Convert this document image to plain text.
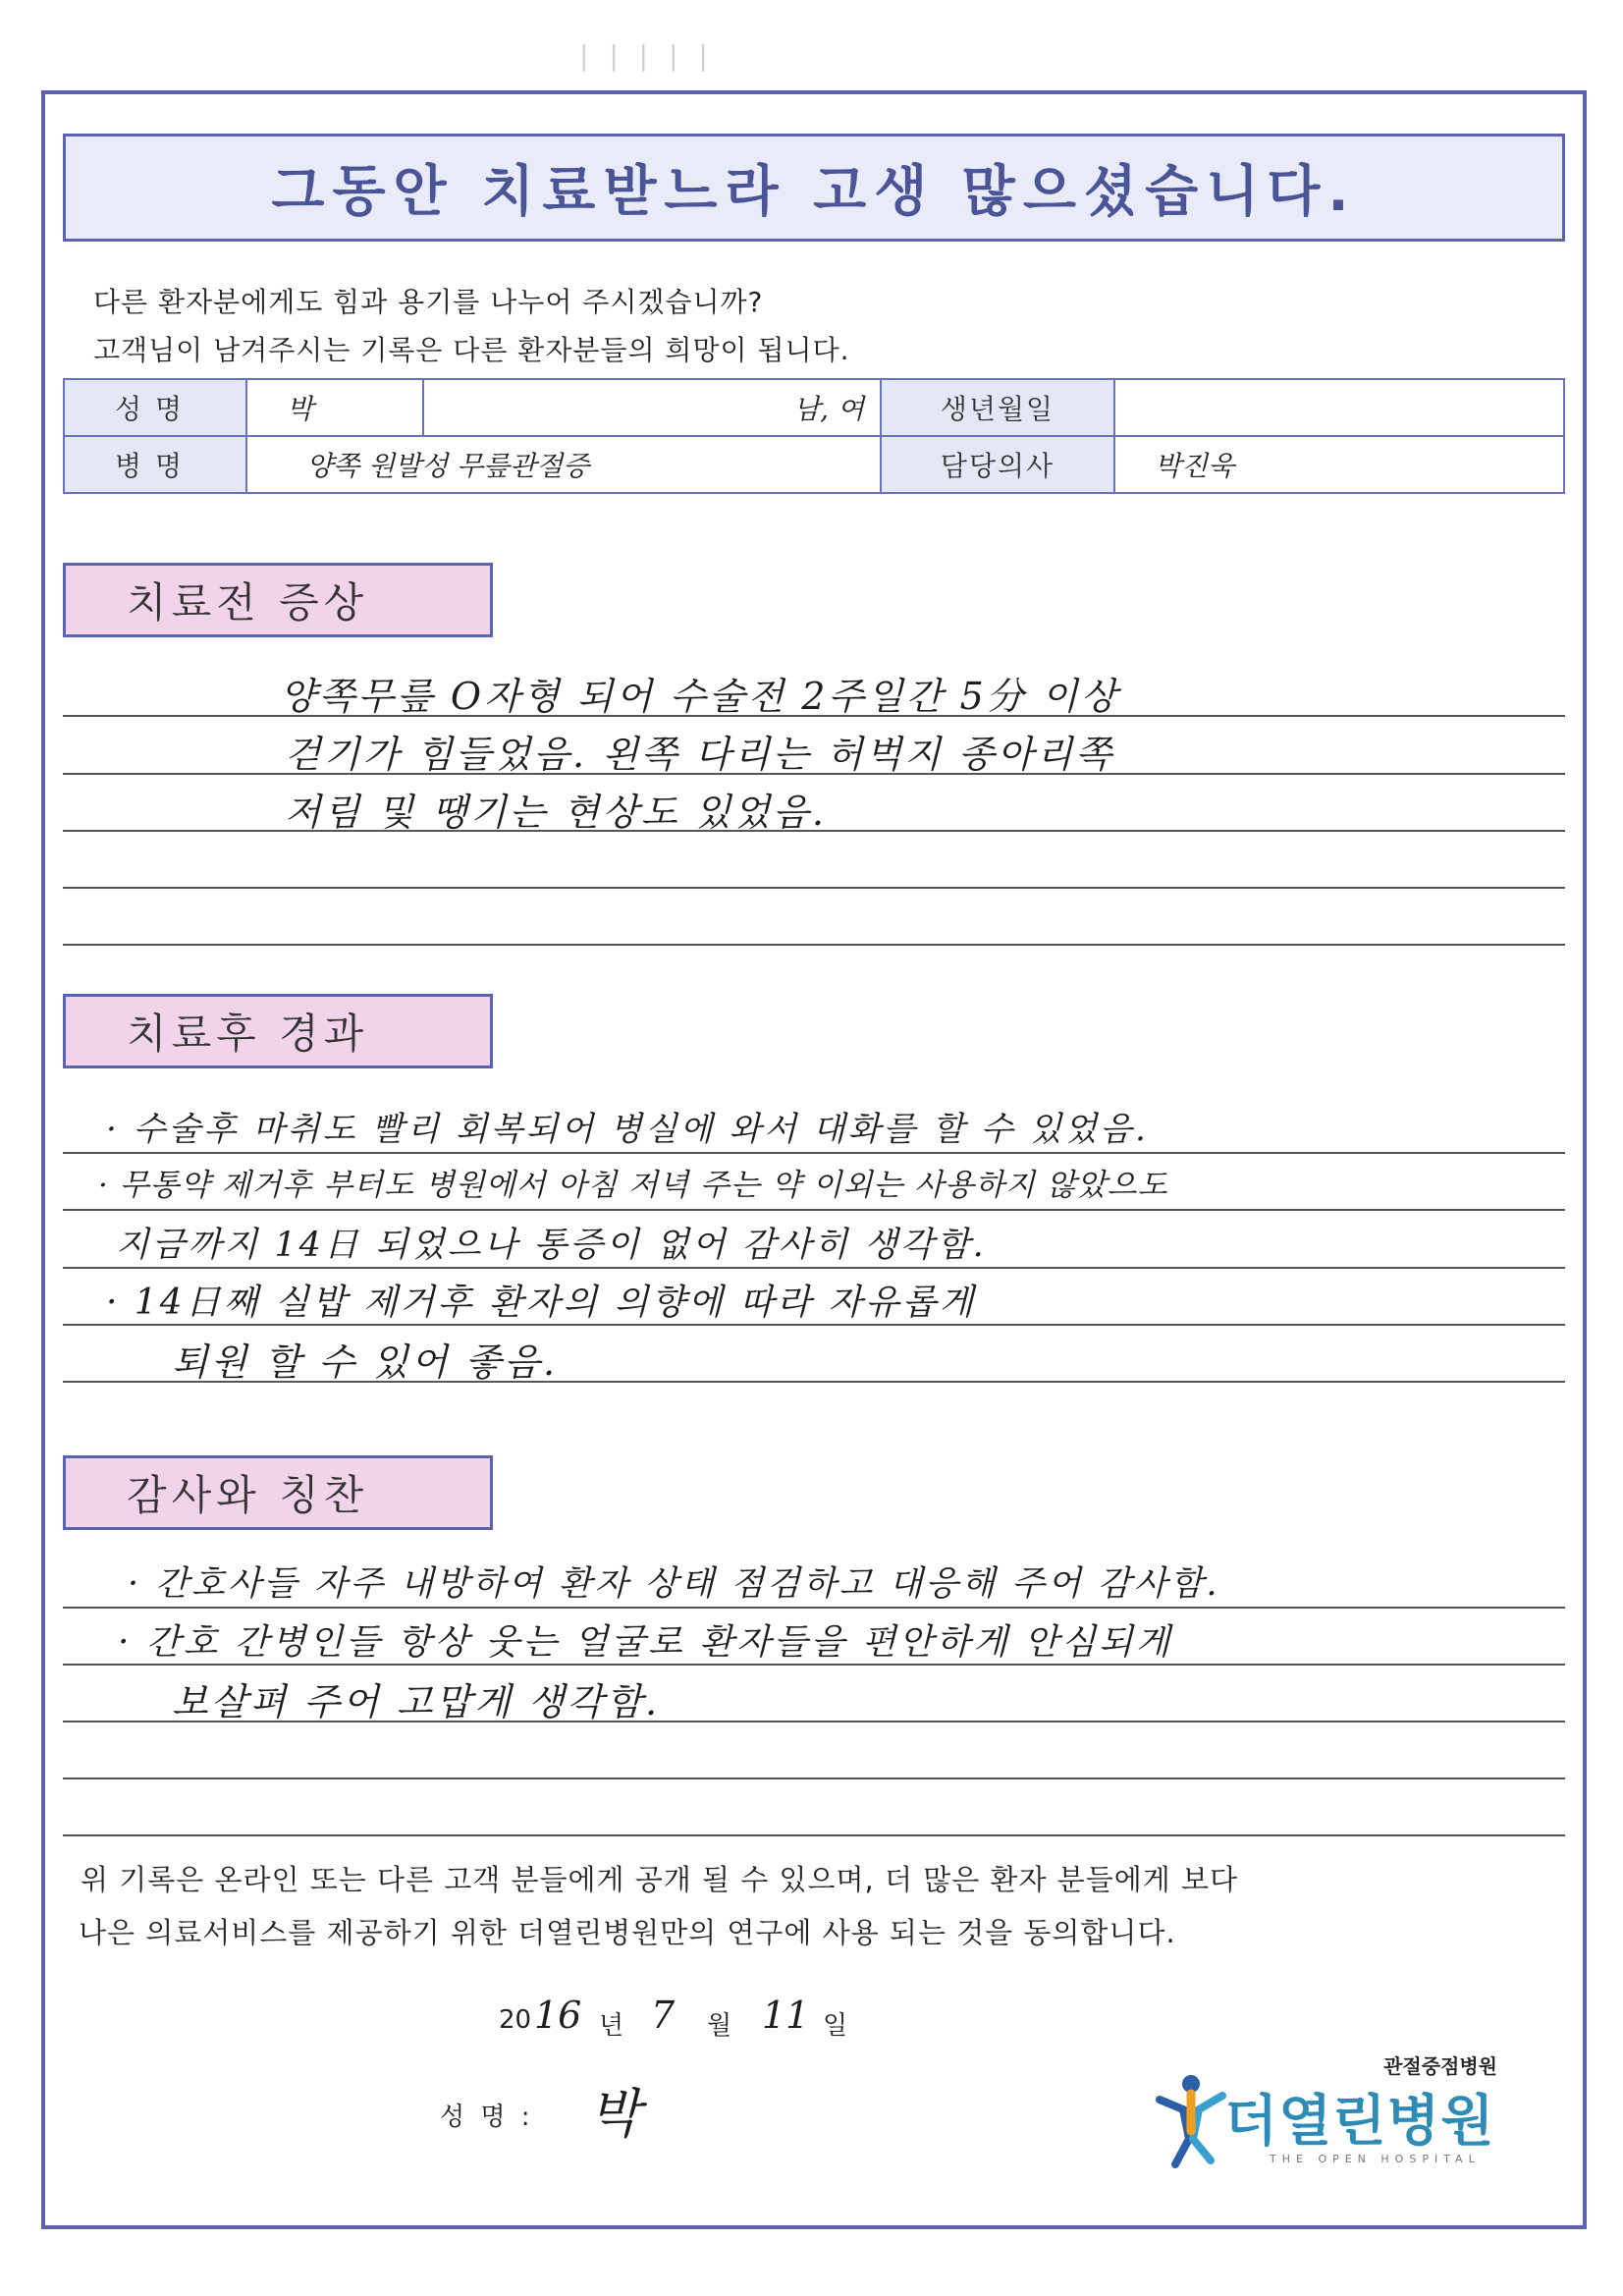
| | | | |
그동안 치료받느라 고생 많으셨습니다.
다른 환자분에게도 힘과 용기를 나누어 주시겠습니까?
고객님이 남겨주시는 기록은 다른 환자분들의 희망이 됩니다.
성명	박	남, 여	생년월일	
병명	양쪽 원발성 무릎관절증		담당의사	박진욱
치료전 증상
양쪽무릎 O자형 되어 수술전 2주일간 5分 이상
걷기가 힘들었음. 왼쪽 다리는 허벅지 종아리쪽
저림 및 땡기는 현상도 있었음.
치료후 경과
· 수술후 마취도 빨리 회복되어 병실에 와서 대화를 할 수 있었음.
· 무통약 제거후 부터도 병원에서 아침 저녁 주는 약 이외는 사용하지 않았으도
지금까지 14日 되었으나 통증이 없어 감사히 생각함.
· 14日째 실밥 제거후 환자의 의향에 따라 자유롭게
퇴원 할 수 있어 좋음.
감사와 칭찬
· 간호사들 자주 내방하여 환자 상태 점검하고 대응해 주어 감사함.
· 간호 간병인들 항상 웃는 얼굴로 환자들을 편안하게 안심되게
보살펴 주어 고맙게 생각함.
위 기록은 온라인 또는 다른 고객 분들에게 공개 될 수 있으며, 더 많은 환자 분들에게 보다
나은 의료서비스를 제공하기 위한 더열린병원만의 연구에 사용 되는 것을 동의합니다.
20 16 년 7 월 11 일
성 명 : 박
관절중점병원
더열린병원
THE OPEN HOSPITAL
